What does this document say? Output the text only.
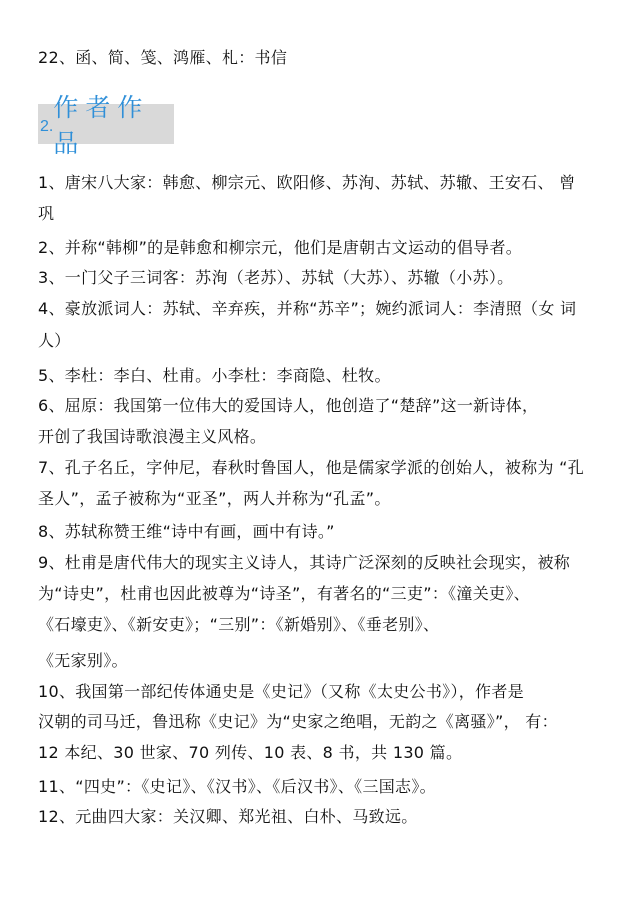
22、函、简、笺、鸿雁、札：书信
2.
作者作品
1、唐宋八大家：韩愈、柳宗元、欧阳修、苏洵、苏轼、苏辙、王安石、 曾
巩
2、并称“韩柳”的是韩愈和柳宗元，他们是唐朝古文运动的倡导者。
3、一门父子三词客：苏洵（老苏）、苏轼（大苏）、苏辙（小苏）。
4、豪放派词人：苏轼、辛弃疾，并称“苏辛”；婉约派词人：李清照（女 词
人）
5、李杜：李白、杜甫。小李杜：李商隐、杜牧。
6、屈原：我国第一位伟大的爱国诗人，他创造了“楚辞”这一新诗体，
开创了我国诗歌浪漫主义风格。
7、孔子名丘，字仲尼，春秋时鲁国人，他是儒家学派的创始人，被称为 “孔
圣人”，孟子被称为“亚圣”，两人并称为“孔孟”。
8、苏轼称赞王维“诗中有画，画中有诗。”
9、杜甫是唐代伟大的现实主义诗人，其诗广泛深刻的反映社会现实，被称
为“诗史”，杜甫也因此被尊为“诗圣”，有著名的“三吏”：《潼关吏》、
《石壕吏》、《新安吏》；“三别”：《新婚别》、《垂老别》、
《无家别》。
10、我国第一部纪传体通史是《史记》（又称《太史公书》），作者是
汉朝的司马迁，鲁迅称《史记》为“史家之绝唱，无韵之《离骚》”， 有：
12 本纪、30 世家、70 列传、10 表、8 书，共 130 篇。
11、“四史”：《史记》、《汉书》、《后汉书》、《三国志》。
12、元曲四大家：关汉卿、郑光祖、白朴、马致远。
